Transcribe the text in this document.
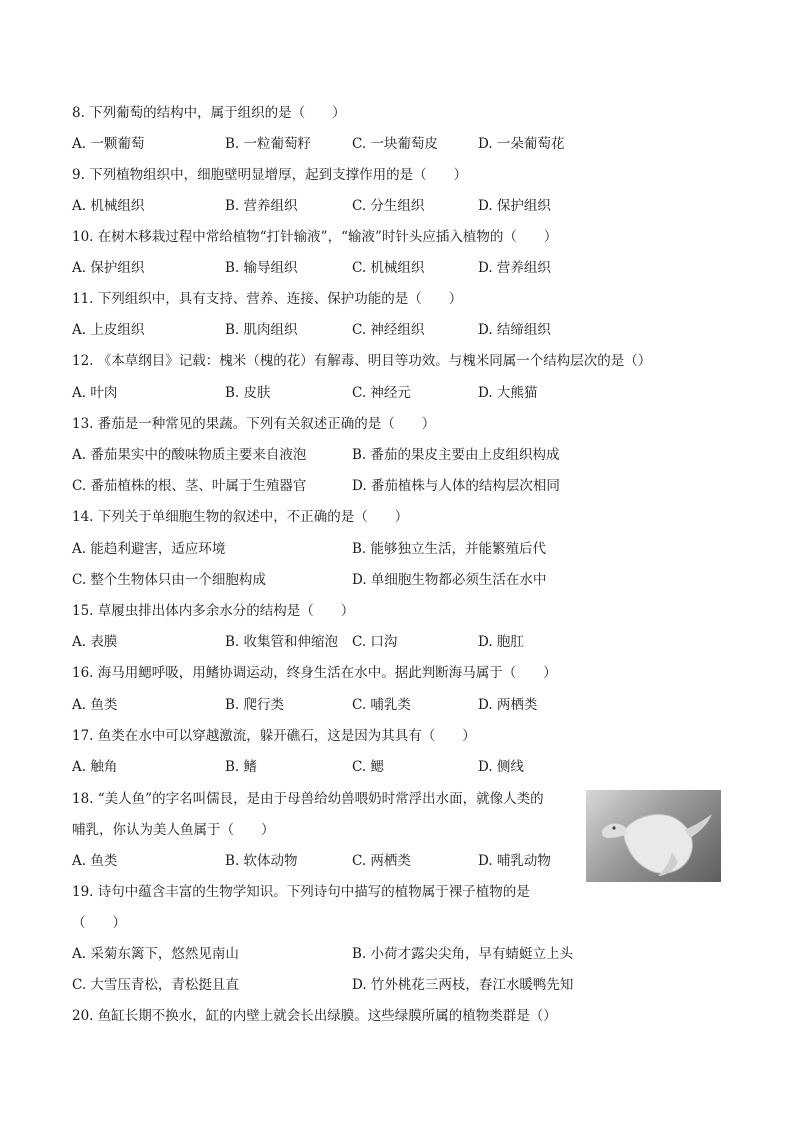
8. 下列葡萄的结构中，属于组织的是（　　）
A. 一颗葡萄	B. 一粒葡萄籽	C. 一块葡萄皮	D. 一朵葡萄花
9. 下列植物组织中，细胞壁明显增厚，起到支撑作用的是（　　）
A. 机械组织	B. 营养组织	C. 分生组织	D. 保护组织
10. 在树木移栽过程中常给植物“打针输液”，“输液”时针头应插入植物的（　　）
A. 保护组织	B. 输导组织	C. 机械组织	D. 营养组织
11. 下列组织中，具有支持、营养、连接、保护功能的是（　　）
A. 上皮组织	B. 肌肉组织	C. 神经组织	D. 结缔组织
12. 《本草纲目》记载：槐米（槐的花）有解毒、明目等功效。与槐米同属一个结构层次的是（）
A. 叶肉	B. 皮肤	C. 神经元	D. 大熊猫
13. 番茄是一种常见的果蔬。下列有关叙述正确的是（　　）
A. 番茄果实中的酸味物质主要来自液泡	B. 番茄的果皮主要由上皮组织构成
C. 番茄植株的根、茎、叶属于生殖器官	D. 番茄植株与人体的结构层次相同
14. 下列关于单细胞生物的叙述中，不正确的是（　　）
A. 能趋利避害，适应环境	B. 能够独立生活，并能繁殖后代
C. 整个生物体只由一个细胞构成	D. 单细胞生物都必须生活在水中
15. 草履虫排出体内多余水分的结构是（　　）
A. 表膜	B. 收集管和伸缩泡 C. 口沟	D. 胞肛
16. 海马用鳃呼吸，用鳍协调运动，终身生活在水中。据此判断海马属于（　　）
A. 鱼类	B. 爬行类	C. 哺乳类	D. 两栖类
17. 鱼类在水中可以穿越激流，躲开礁石，这是因为其具有（　　）
A. 触角	B. 鳍	C. 鳃	D. 侧线
18. “美人鱼”的字名叫儒艮，是由于母兽给幼兽喂奶时常浮出水面，就像人类的
哺乳，你认为美人鱼属于（　　）
A. 鱼类	B. 软体动物	C. 两栖类	D. 哺乳动物
19. 诗句中蕴含丰富的生物学知识。下列诗句中描写的植物属于裸子植物的是
（　　）
A. 采菊东篱下，悠然见南山	B. 小荷才露尖尖角，早有蜻蜓立上头
C. 大雪压青松，青松挺且直	D. 竹外桃花三两枝，春江水暖鸭先知
20. 鱼缸长期不换水，缸的内壁上就会长出绿膜。这些绿膜所属的植物类群是（）
